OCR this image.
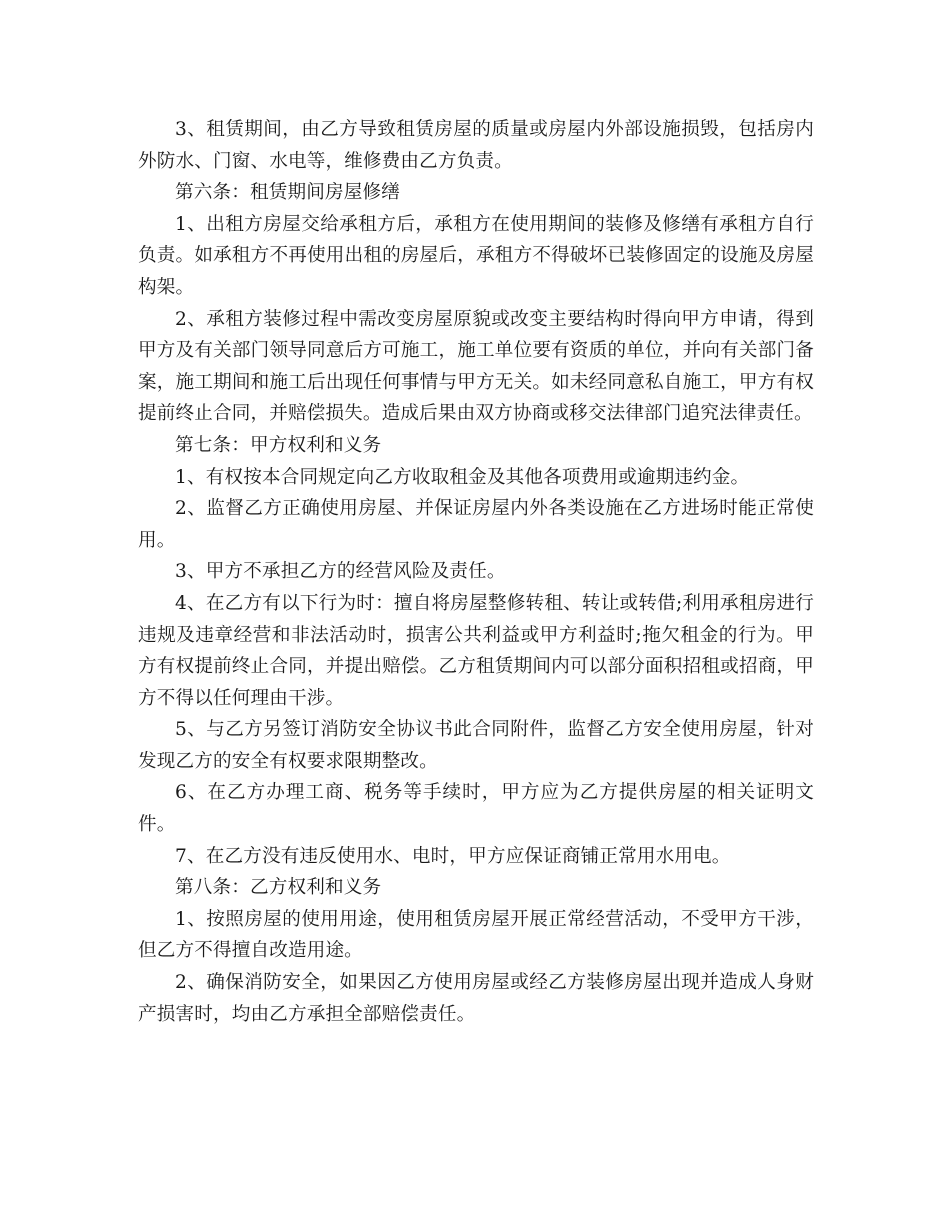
3、租赁期间，由乙方导致租赁房屋的质量或房屋内外部设施损毁，包括房内外防水、门窗、水电等，维修费由乙方负责。

第六条：租赁期间房屋修缮

1、出租方房屋交给承租方后，承租方在使用期间的装修及修缮有承租方自行负责。如承租方不再使用出租的房屋后，承租方不得破坏已装修固定的设施及房屋构架。

2、承租方装修过程中需改变房屋原貌或改变主要结构时得向甲方申请，得到甲方及有关部门领导同意后方可施工，施工单位要有资质的单位，并向有关部门备案，施工期间和施工后出现任何事情与甲方无关。如未经同意私自施工，甲方有权提前终止合同，并赔偿损失。造成后果由双方协商或移交法律部门追究法律责任。

第七条：甲方权利和义务

1、有权按本合同规定向乙方收取租金及其他各项费用或逾期违约金。

2、监督乙方正确使用房屋、并保证房屋内外各类设施在乙方进场时能正常使用。

3、甲方不承担乙方的经营风险及责任。

4、在乙方有以下行为时：擅自将房屋整修转租、转让或转借;利用承租房进行违规及违章经营和非法活动时，损害公共利益或甲方利益时;拖欠租金的行为。甲方有权提前终止合同，并提出赔偿。乙方租赁期间内可以部分面积招租或招商，甲方不得以任何理由干涉。

5、与乙方另签订消防安全协议书此合同附件，监督乙方安全使用房屋，针对发现乙方的安全有权要求限期整改。

6、在乙方办理工商、税务等手续时，甲方应为乙方提供房屋的相关证明文件。

7、在乙方没有违反使用水、电时，甲方应保证商铺正常用水用电。

第八条：乙方权利和义务

1、按照房屋的使用用途，使用租赁房屋开展正常经营活动，不受甲方干涉，但乙方不得擅自改造用途。

2、确保消防安全，如果因乙方使用房屋或经乙方装修房屋出现并造成人身财产损害时，均由乙方承担全部赔偿责任。
